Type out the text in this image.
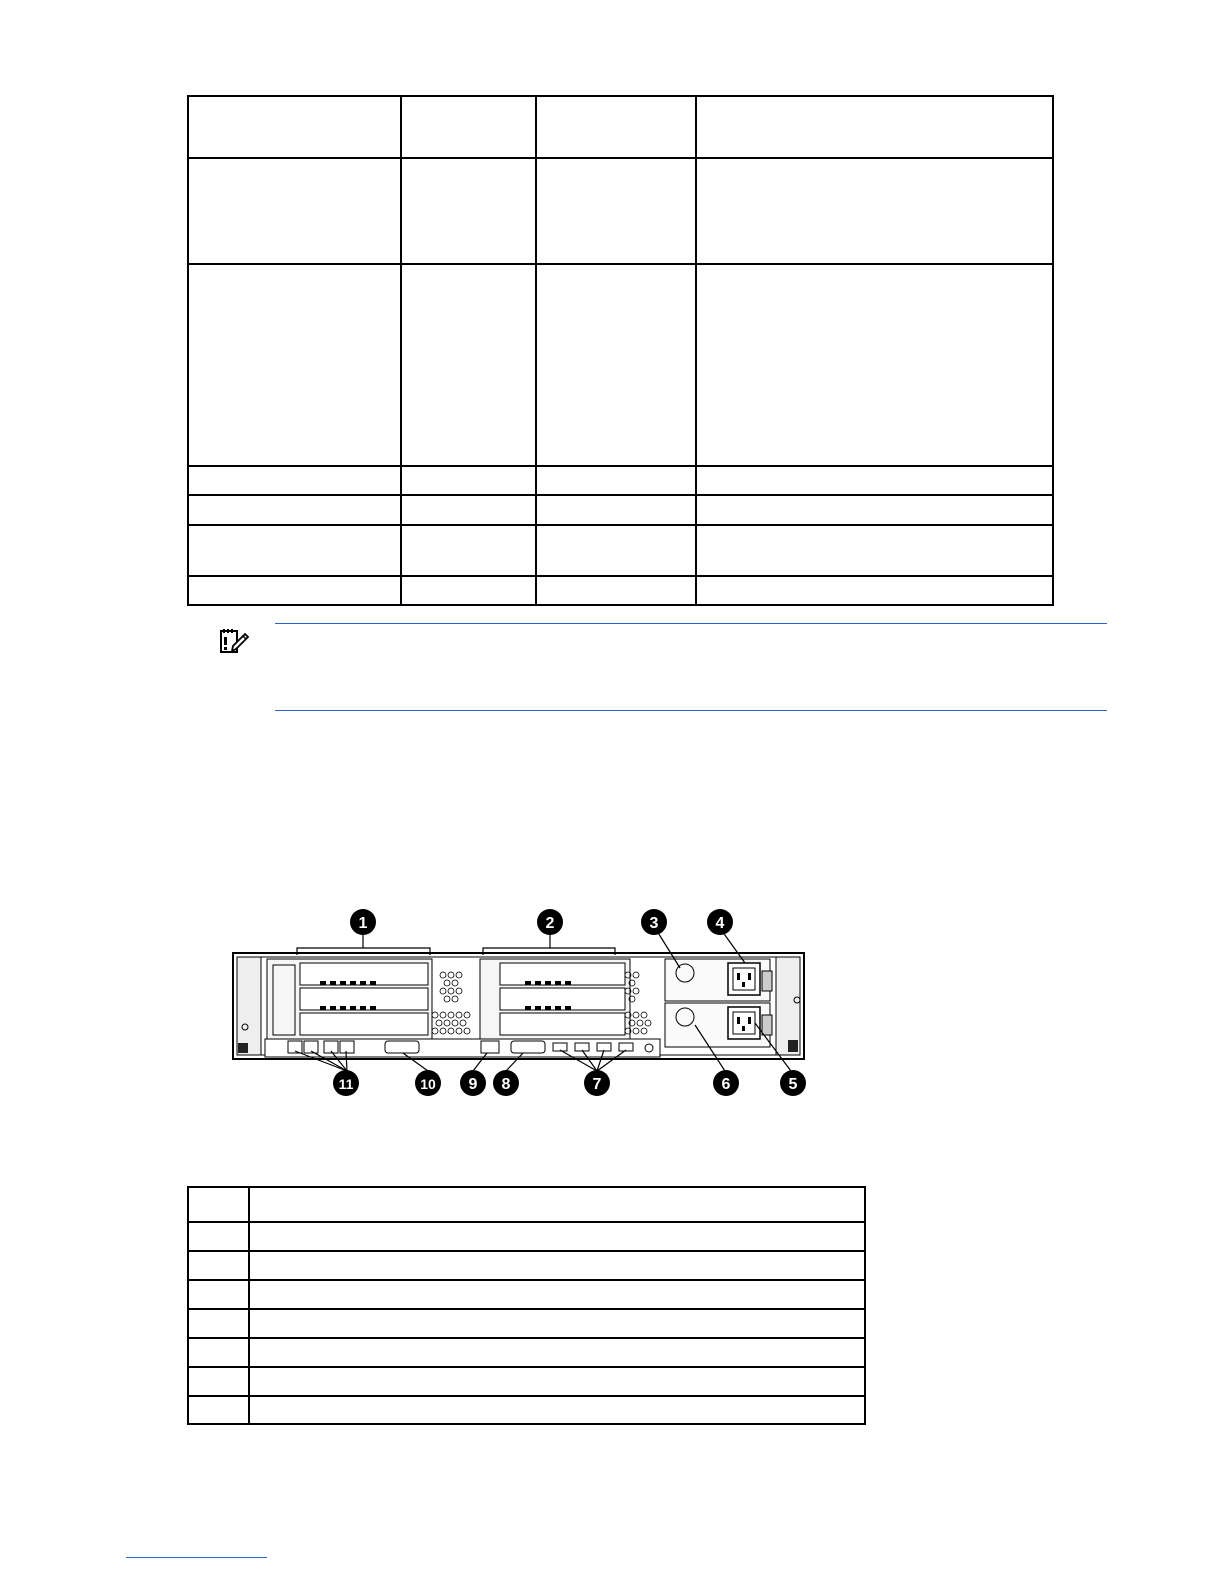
1	2	3	4
5
6
7
8
9
10
11
